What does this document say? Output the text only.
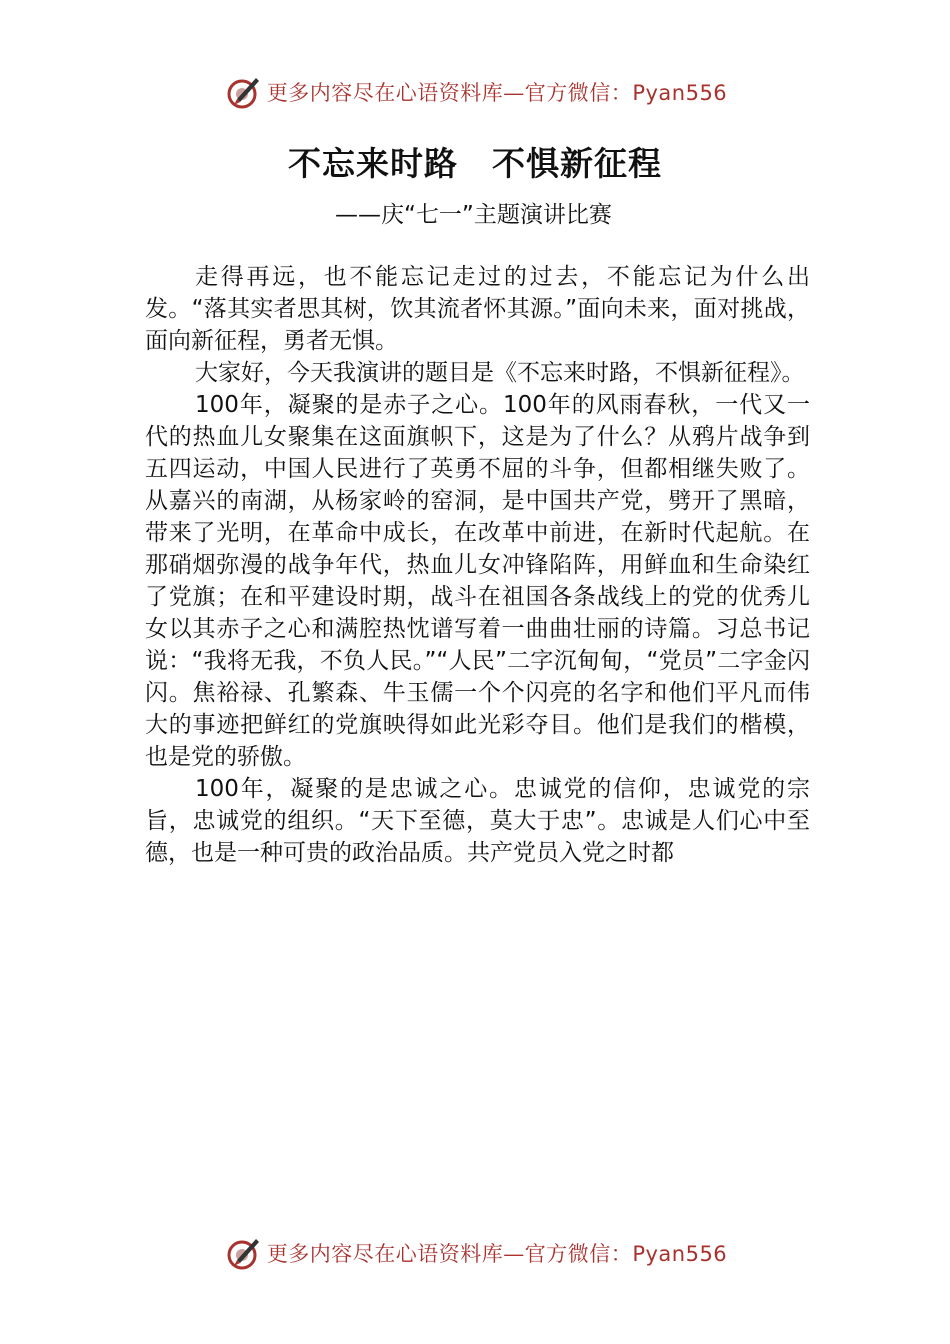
更多内容尽在心语资料库—官方微信：Pyan556
不忘来时路　不惧新征程
——庆“七一”主题演讲比赛

走得再远，也不能忘记走过的过去，不能忘记为什么出发。“落其实者思其树，饮其流者怀其源。”面向未来，面对挑战，面向新征程，勇者无惧。

大家好，今天我演讲的题目是《不忘来时路，不惧新征程》。

100年，凝聚的是赤子之心。100年的风雨春秋，一代又一代的热血儿女聚集在这面旗帜下，这是为了什么？从鸦片战争到五四运动，中国人民进行了英勇不屈的斗争，但都相继失败了。从嘉兴的南湖，从杨家岭的窑洞，是中国共产党，劈开了黑暗，带来了光明，在革命中成长，在改革中前进，在新时代起航。在那硝烟弥漫的战争年代，热血儿女冲锋陷阵，用鲜血和生命染红了党旗；在和平建设时期，战斗在祖国各条战线上的党的优秀儿女以其赤子之心和满腔热忱谱写着一曲曲壮丽的诗篇。习总书记说：“我将无我，不负人民。”“人民”二字沉甸甸，“党员”二字金闪闪。焦裕禄、孔繁森、牛玉儒一个个闪亮的名字和他们平凡而伟大的事迹把鲜红的党旗映得如此光彩夺目。他们是我们的楷模，也是党的骄傲。

100年，凝聚的是忠诚之心。忠诚党的信仰，忠诚党的宗旨，忠诚党的组织。“天下至德，莫大于忠”。忠诚是人们心中至德，也是一种可贵的政治品质。共产党员入党之时都

更多内容尽在心语资料库—官方微信：Pyan556
